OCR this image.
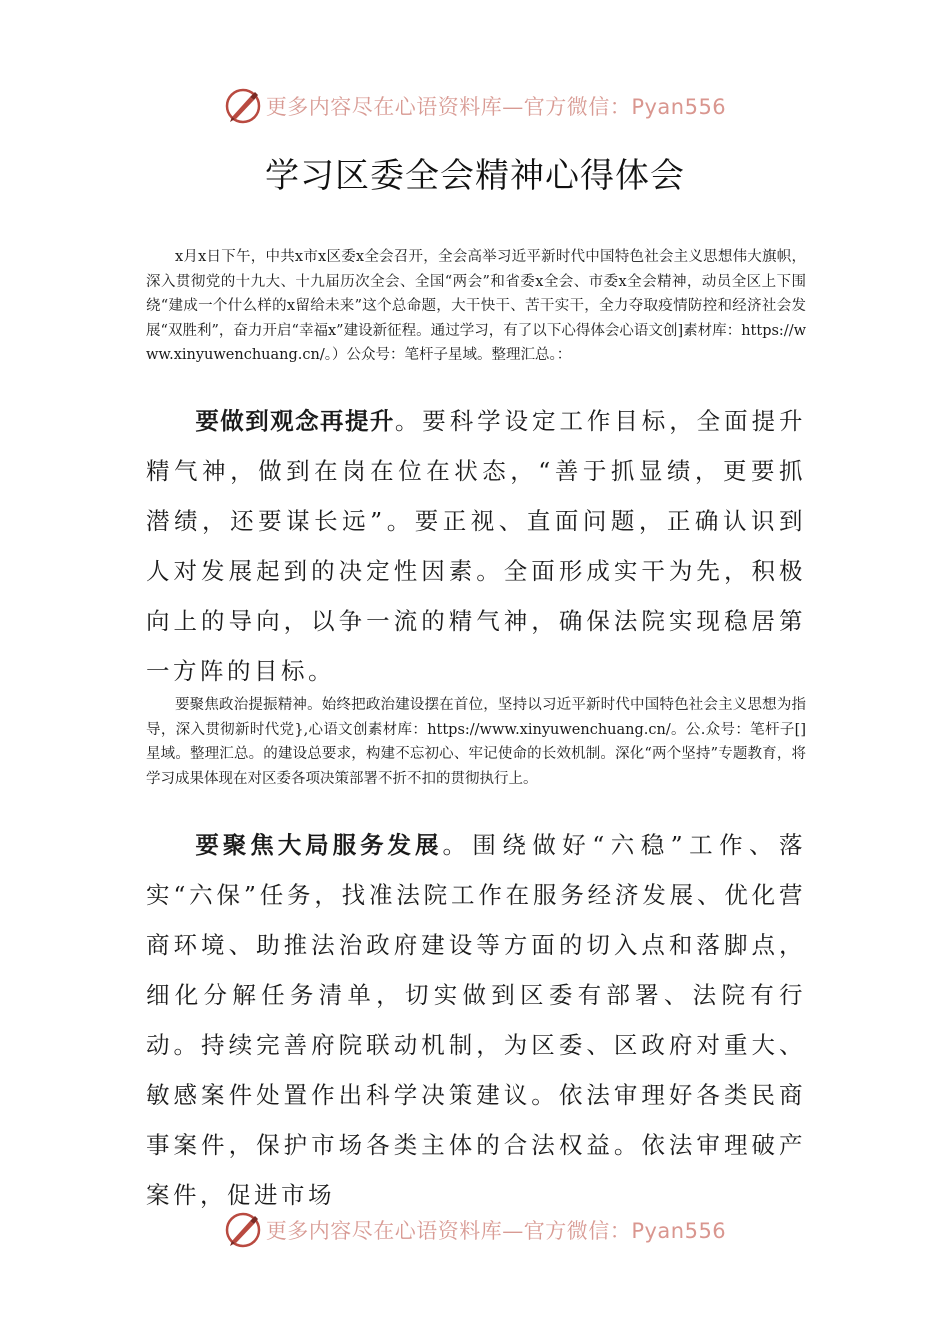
更多内容尽在心语资料库—官方微信：Pyan556
学习区委全会精神心得体会

x月x日下午，中共x市x区委x全会召开，全会高举习近平新时代中国特色社会主义思想伟大旗帜，深入贯彻党的十九大、十九届历次全会、全国“两会”和省委x全会、市委x全会精神，动员全区上下围绕“建成一个什么样的x留给未来”这个总命题，大干快干、苦干实干，全力夺取疫情防控和经济社会发展“双胜利”，奋力开启“幸福x”建设新征程。通过学习，有了以下心得体会心语文创]素材库：https://www.xinyuwenchuang.cn/。）公众号：笔杆子星域。整理汇总。：

要做到观念再提升。要科学设定工作目标，全面提升精气神，做到在岗在位在状态，“善于抓显绩，更要抓潜绩，还要谋长远”。要正视、直面问题，正确认识到人对发展起到的决定性因素。全面形成实干为先，积极向上的导向，以争一流的精气神，确保法院实现稳居第一方阵的目标。

要聚焦政治提振精神。始终把政治建设摆在首位，坚持以习近平新时代中国特色社会主义思想为指导，深入贯彻新时代党},心语文创素材库：https://www.xinyuwenchuang.cn/。公.众号：笔杆子[]星域。整理汇总。的建设总要求，构建不忘初心、牢记使命的长效机制。深化“两个坚持”专题教育，将学习成果体现在对区委各项决策部署不折不扣的贯彻执行上。

要聚焦大局服务发展。围绕做好“六稳”工作、落实“六保”任务，找准法院工作在服务经济发展、优化营商环境、助推法治政府建设等方面的切入点和落脚点，细化分解任务清单，切实做到区委有部署、法院有行动。持续完善府院联动机制，为区委、区政府对重大、敏感案件处置作出科学决策建议。依法审理好各类民商事案件，保护市场各类主体的合法权益。依法审理破产案件，促进市场

更多内容尽在心语资料库—官方微信：Pyan556
